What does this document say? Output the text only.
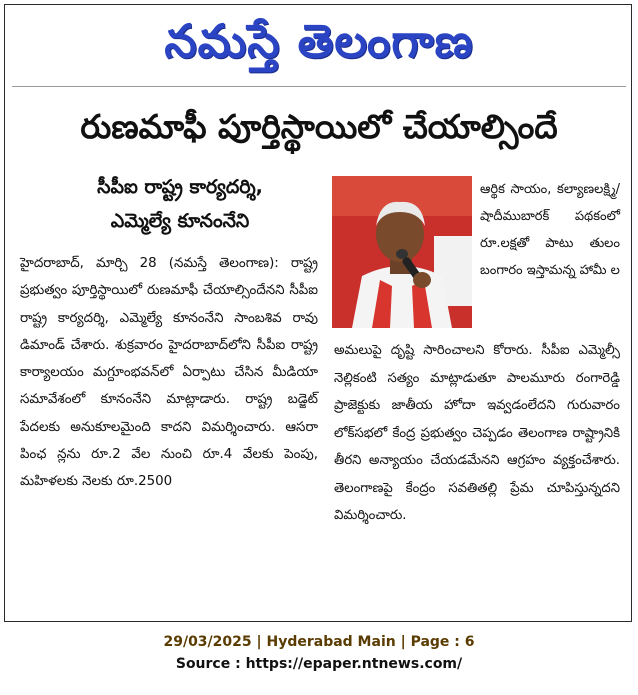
నమస్తే తెలంగాణ
రుణమాఫీ పూర్తిస్థాయిలో చేయాల్సిందే
సీపీఐ రాష్ట్ర కార్యదర్శి,
ఎమ్మెల్యే కూనంనేని

హైదరాబాద్, మార్చి 28 (నమస్తే తెలంగాణ): రాష్ట్ర ప్రభుత్వం పూర్తిస్థాయిలో రుణమాఫీ చేయాల్సిందేనని సీపీఐ రాష్ట్ర కార్యదర్శి, ఎమ్మెల్యే కూనంనేని సాంబశివ రావు డిమాండ్ చేశారు. శుక్రవారం హైదరాబాద్‌లోని సీపీఐ రాష్ట్ర కార్యాలయం మగ్దూంభవన్‌లో ఏర్పాటు చేసిన మీడియా సమావేశంలో కూనంనేని మాట్లాడారు. రాష్ట్ర బడ్జెట్ పేదలకు అనుకూలమైంది కాదని విమర్శించారు. ఆసరా పింఛ న్లను రూ.2 వేల నుంచి రూ.4 వేలకు పెంపు, మహిళలకు నెలకు రూ.2500

ఆర్థిక సాయం, కల్యాణలక్ష్మి/ షాదీముబారక్ పథకంలో రూ.లక్షతో పాటు తులం బంగారం ఇస్తామన్న హామీ ల

అమలుపై దృష్టి సారించాలని కోరారు. సీపీఐ ఎమ్మెల్సీ నెల్లికంటి సత్యం మాట్లాడుతూ పాలమూరు రంగారెడ్డి ప్రాజెక్టుకు జాతీయ హోదా ఇవ్వడంలేదని గురువారం లోక్‌సభలో కేంద్ర ప్రభుత్వం చెప్పడం తెలంగాణ రాష్ట్రానికి తీరని అన్యాయం చేయడమేనని ఆగ్రహం వ్యక్తంచేశారు. తెలంగాణపై కేంద్రం సవతితల్లి ప్రేమ చూపిస్తున్నదని విమర్శించారు.

29/03/2025 | Hyderabad Main | Page : 6
Source : https://epaper.ntnews.com/
